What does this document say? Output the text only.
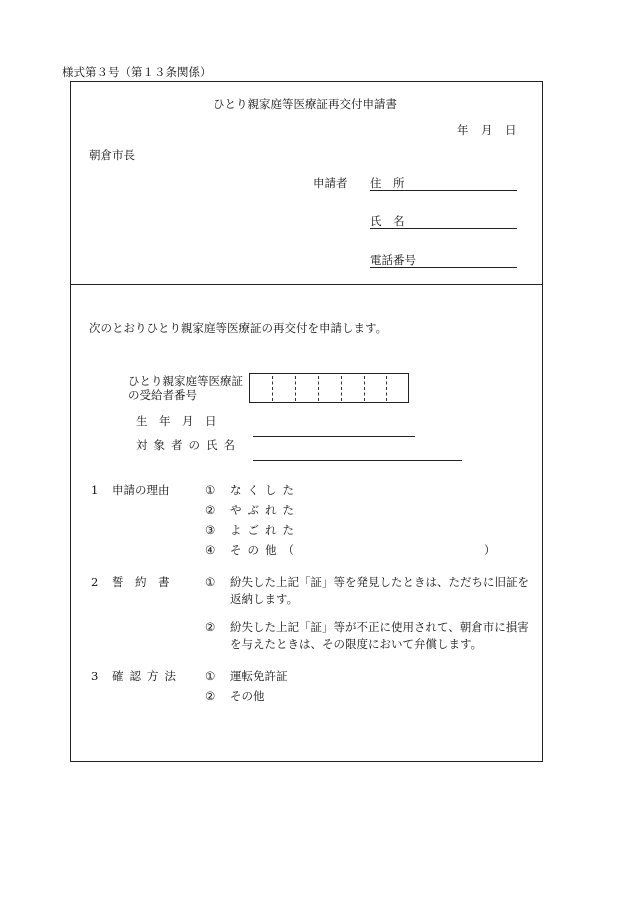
様式第３号（第１３条関係）
ひとり親家庭等医療証再交付申請書
年 月 日
朝倉市長
申請者 住　所
氏　名
電話番号
次のとおりひとり親家庭等医療証の再交付を申請します。
ひとり親家庭等医療証
の受給者番号
生　年　月　日
対象者の氏名
1 申請の理由	① なくした
② やぶれた
③ よごれた
④ その他（	）
2 誓　約　書	① 紛失した上記「証」等を発見したときは、ただちに旧証を
返納します。
② 紛失した上記「証」等が不正に使用されて、朝倉市に損害
を与えたときは、その限度において弁償します。
3 確認方法 ① 運転免許証
② その他
